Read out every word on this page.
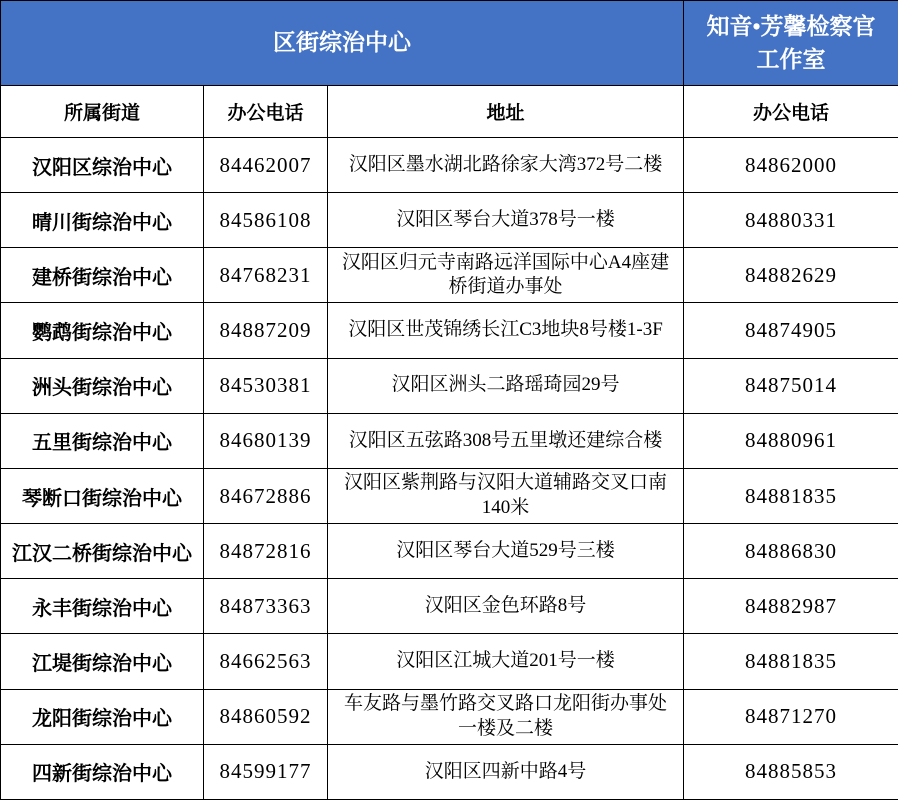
区街综治中心			知音•芳馨检察官工作室
所属街道	办公电话	地址	办公电话
汉阳区综治中心	84462007	汉阳区墨水湖北路徐家大湾372号二楼	84862000
晴川街综治中心	84586108	汉阳区琴台大道378号一楼	84880331
建桥街综治中心	84768231	汉阳区归元寺南路远洋国际中心A4座建桥街道办事处	84882629
鹦鹉街综治中心	84887209	汉阳区世茂锦绣长江C3地块8号楼1-3F	84874905
洲头街综治中心	84530381	汉阳区洲头二路瑶琦园29号	84875014
五里街综治中心	84680139	汉阳区五弦路308号五里墩还建综合楼	84880961
琴断口街综治中心	84672886	汉阳区紫荆路与汉阳大道辅路交叉口南140米	84881835
江汉二桥街综治中心	84872816	汉阳区琴台大道529号三楼	84886830
永丰街综治中心	84873363	汉阳区金色环路8号	84882987
江堤街综治中心	84662563	汉阳区江城大道201号一楼	84881835
龙阳街综治中心	84860592	车友路与墨竹路交叉路口龙阳街办事处一楼及二楼	84871270
四新街综治中心	84599177	汉阳区四新中路4号	84885853
